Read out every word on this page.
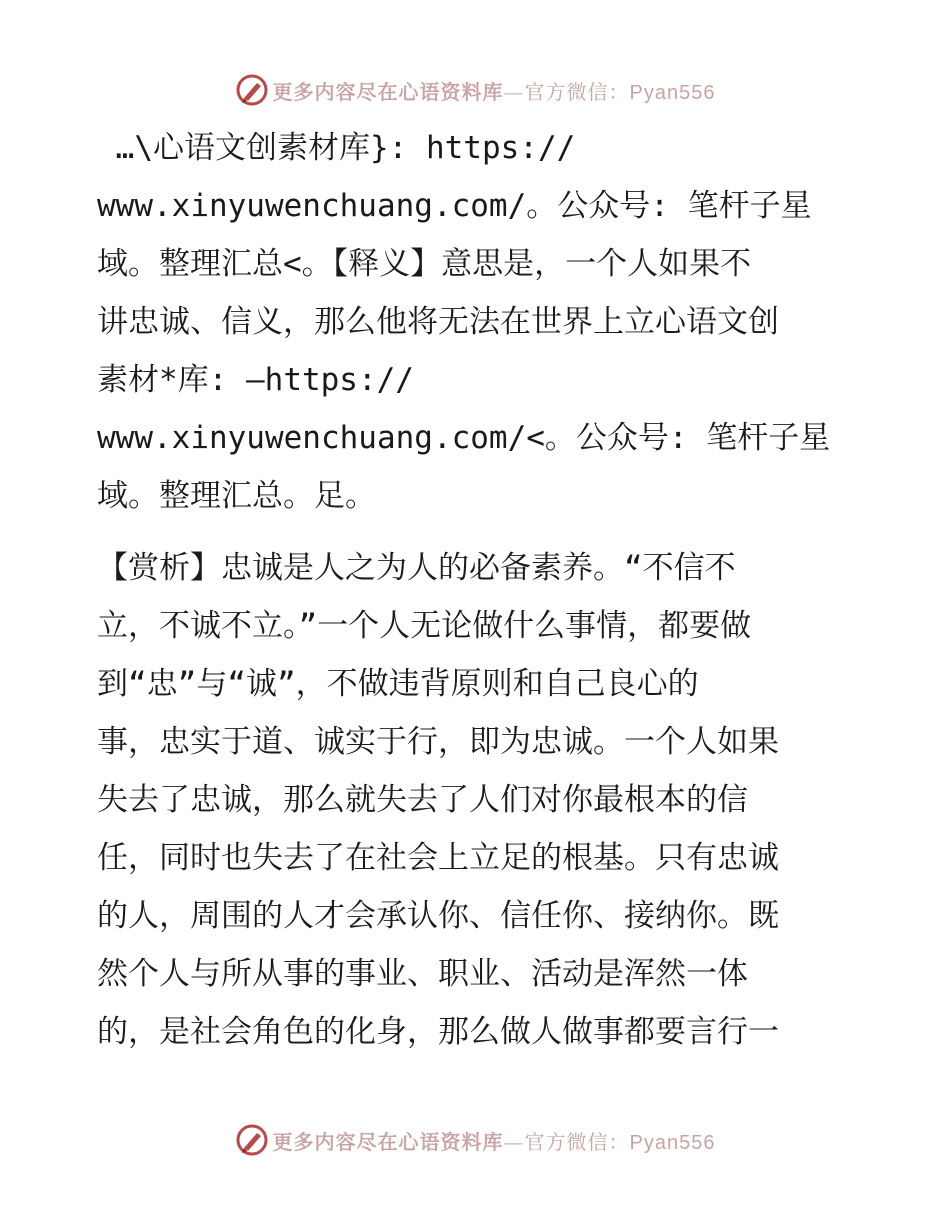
更多内容尽在心语资料库—官方微信：Pyan556

…\心语文创素材库}: https://

www.xinyuwenchuang.com/。公众号: 笔杆子星

域。整理汇总<。【释义】意思是，一个人如果不

讲忠诚、信义，那么他将无法在世界上立心语文创

素材*库: —https://

www.xinyuwenchuang.com/<。公众号: 笔杆子星

域。整理汇总。足。

【赏析】忠诚是人之为人的必备素养。“不信不

立，不诚不立。”一个人无论做什么事情，都要做

到“忠”与“诚”，不做违背原则和自己良心的

事，忠实于道、诚实于行，即为忠诚。一个人如果

失去了忠诚，那么就失去了人们对你最根本的信

任，同时也失去了在社会上立足的根基。只有忠诚

的人，周围的人才会承认你、信任你、接纳你。既

然个人与所从事的事业、职业、活动是浑然一体

的，是社会角色的化身，那么做人做事都要言行一

更多内容尽在心语资料库—官方微信：Pyan556
